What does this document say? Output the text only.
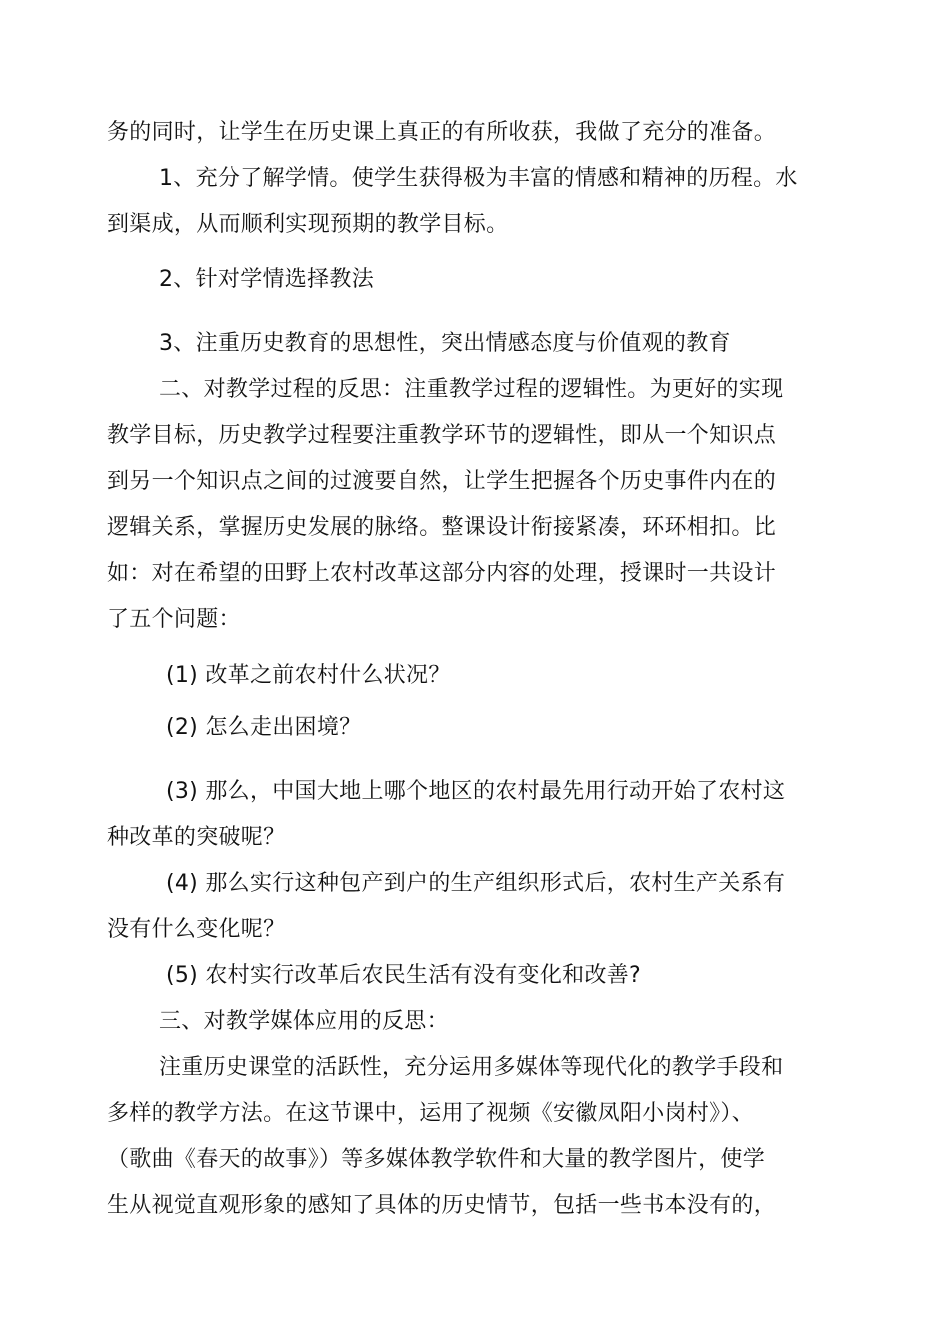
务的同时，让学生在历史课上真正的有所收获，我做了充分的准备。
1、充分了解学情。使学生获得极为丰富的情感和精神的历程。水
到渠成，从而顺利实现预期的教学目标。
2、针对学情选择教法
3、注重历史教育的思想性，突出情感态度与价值观的教育
二、对教学过程的反思：注重教学过程的逻辑性。为更好的实现
教学目标，历史教学过程要注重教学环节的逻辑性，即从一个知识点
到另一个知识点之间的过渡要自然，让学生把握各个历史事件内在的
逻辑关系，掌握历史发展的脉络。整课设计衔接紧凑，环环相扣。比
如：对在希望的田野上农村改革这部分内容的处理，授课时一共设计
了五个问题：
(1) 改革之前农村什么状况？
(2) 怎么走出困境？
(3) 那么，中国大地上哪个地区的农村最先用行动开始了农村这
种改革的突破呢？
(4) 那么实行这种包产到户的生产组织形式后，农村生产关系有
没有什么变化呢？
(5) 农村实行改革后农民生活有没有变化和改善?
三、对教学媒体应用的反思：
注重历史课堂的活跃性，充分运用多媒体等现代化的教学手段和
多样的教学方法。在这节课中，运用了视频《安徽凤阳小岗村》）、
（歌曲《春天的故事》）等多媒体教学软件和大量的教学图片，使学
生从视觉直观形象的感知了具体的历史情节，包括一些书本没有的，
